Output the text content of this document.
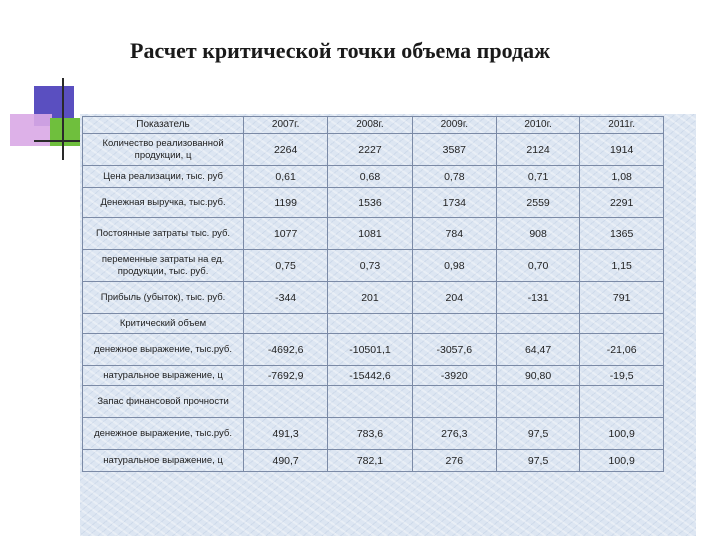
Расчет критической точки объема продаж
Показатель	2007г.	2008г.	2009г.	2010г.	2011г.
Количество реализованной продукции, ц	2264	2227	3587	2124	1914
Цена реализации, тыс. руб	0,61	0,68	0,78	0,71	1,08
Денежная выручка, тыс.руб.	1199	1536	1734	2559	2291
Постоянные затраты тыс. руб.	1077	1081	784	908	1365
переменные затраты на ед. продукции, тыс. руб.	0,75	0,73	0,98	0,70	1,15
Прибыль (убыток), тыс. руб.	-344	201	204	-131	791
Критический объем					
денежное выражение, тыс.руб.	-4692,6	-10501,1	-3057,6	64,47	-21,06
натуральное выражение, ц	-7692,9	-15442,6	-3920	90,80	-19,5
Запас финансовой прочности					
денежное выражение, тыс.руб.	491,3	783,6	276,3	97,5	100,9
натуральное выражение, ц	490,7	782,1	276	97,5	100,9
